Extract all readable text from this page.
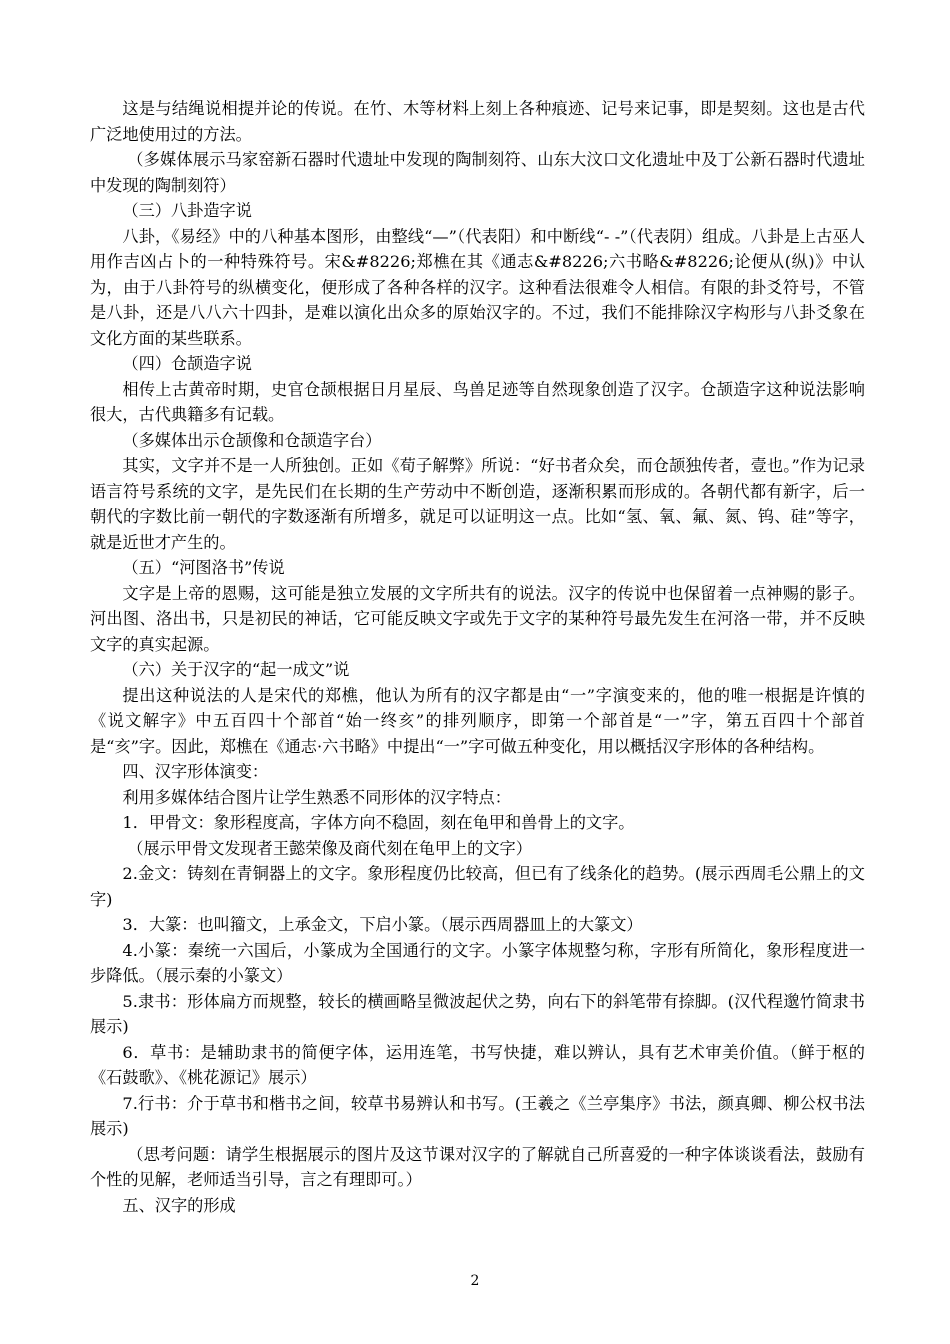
这是与结绳说相提并论的传说。在竹、木等材料上刻上各种痕迹、记号来记事，即是契刻。这也是古代广泛地使用过的方法。

（多媒体展示马家窑新石器时代遗址中发现的陶制刻符、山东大汶口文化遗址中及丁公新石器时代遗址中发现的陶制刻符）

（三）八卦造字说

八卦，《易经》中的八种基本图形，由整线“—”（代表阳）和中断线“- -”（代表阴）组成。八卦是上古巫人用作吉凶占卜的一种特殊符号。宋&#8226;郑樵在其《通志&#8226;六书略&#8226;论便从(纵)》中认为，由于八卦符号的纵横变化，便形成了各种各样的汉字。这种看法很难令人相信。有限的卦爻符号，不管是八卦，还是八八六十四卦，是难以演化出众多的原始汉字的。不过，我们不能排除汉字构形与八卦爻象在文化方面的某些联系。

（四）仓颉造字说

相传上古黄帝时期，史官仓颉根据日月星辰、鸟兽足迹等自然现象创造了汉字。仓颉造字这种说法影响很大，古代典籍多有记载。

（多媒体出示仓颉像和仓颉造字台）

其实，文字并不是一人所独创。正如《荀子解弊》所说：“好书者众矣，而仓颉独传者，壹也。”作为记录语言符号系统的文字，是先民们在长期的生产劳动中不断创造，逐渐积累而形成的。各朝代都有新字，后一朝代的字数比前一朝代的字数逐渐有所增多，就足可以证明这一点。比如“氢、氧、氟、氮、钨、硅”等字，就是近世才产生的。

（五）“河图洛书”传说

文字是上帝的恩赐，这可能是独立发展的文字所共有的说法。汉字的传说中也保留着一点神赐的影子。河出图、洛出书，只是初民的神话，它可能反映文字或先于文字的某种符号最先发生在河洛一带，并不反映文字的真实起源。

（六）关于汉字的“起一成文”说

提出这种说法的人是宋代的郑樵，他认为所有的汉字都是由“一”字演变来的，他的唯一根据是许慎的《说文解字》中五百四十个部首“始一终亥”的排列顺序，即第一个部首是“一”字，第五百四十个部首是“亥”字。因此，郑樵在《通志·六书略》中提出“一”字可做五种变化，用以概括汉字形体的各种结构。

四、汉字形体演变：

利用多媒体结合图片让学生熟悉不同形体的汉字特点：

1．甲骨文：象形程度高，字体方向不稳固，刻在龟甲和兽骨上的文字。

（展示甲骨文发现者王懿荣像及商代刻在龟甲上的文字）

2.金文：铸刻在青铜器上的文字。象形程度仍比较高，但已有了线条化的趋势。(展示西周毛公鼎上的文字)

3．大篆：也叫籀文，上承金文，下启小篆。（展示西周器皿上的大篆文）

4.小篆：秦统一六国后，小篆成为全国通行的文字。小篆字体规整匀称，字形有所简化，象形程度进一步降低。（展示秦的小篆文）

5.隶书：形体扁方而规整，较长的横画略呈微波起伏之势，向右下的斜笔带有捺脚。(汉代程邈竹简隶书展示)

6．草书：是辅助隶书的简便字体，运用连笔，书写快捷，难以辨认，具有艺术审美价值。（鲜于枢的《石鼓歌》、《桃花源记》展示）

7.行书：介于草书和楷书之间，较草书易辨认和书写。(王羲之《兰亭集序》书法，颜真卿、柳公权书法展示)

（思考问题：请学生根据展示的图片及这节课对汉字的了解就自己所喜爱的一种字体谈谈看法，鼓励有个性的见解，老师适当引导，言之有理即可。）

五、汉字的形成

2
